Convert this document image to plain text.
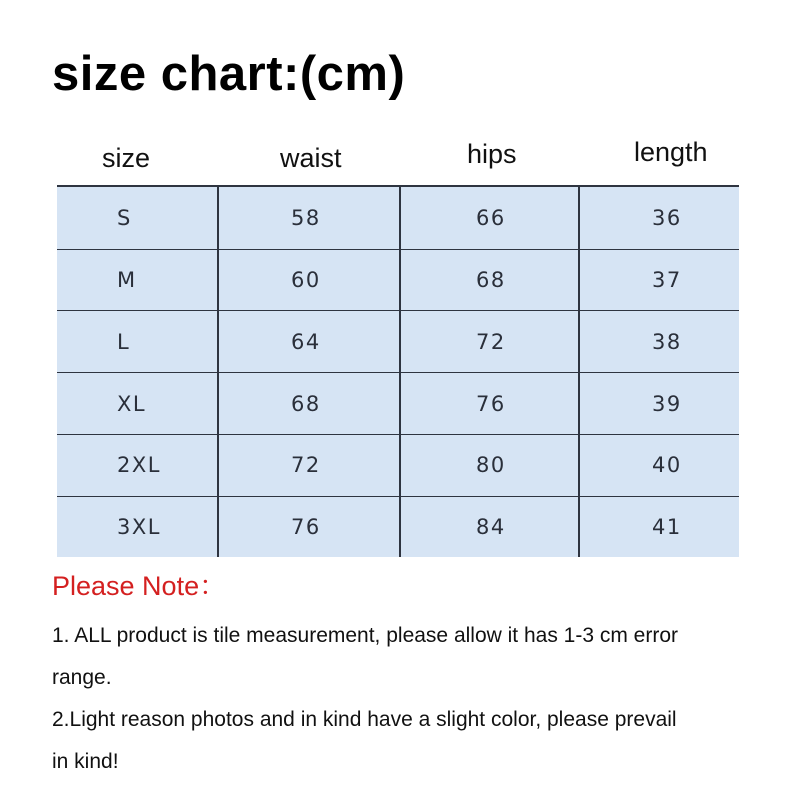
size chart:(cm)
size	waist	hips	length
S	58	66	36
M	60	68	37
L	64	72	38
XL	68	76	39
2XL	72	80	40
3XL	76	84	41
Please Note：
1. ALL product is tile measurement, please allow it has 1-3 cm error
range.
2.Light reason photos and in kind have a slight color, please prevail
in kind!
